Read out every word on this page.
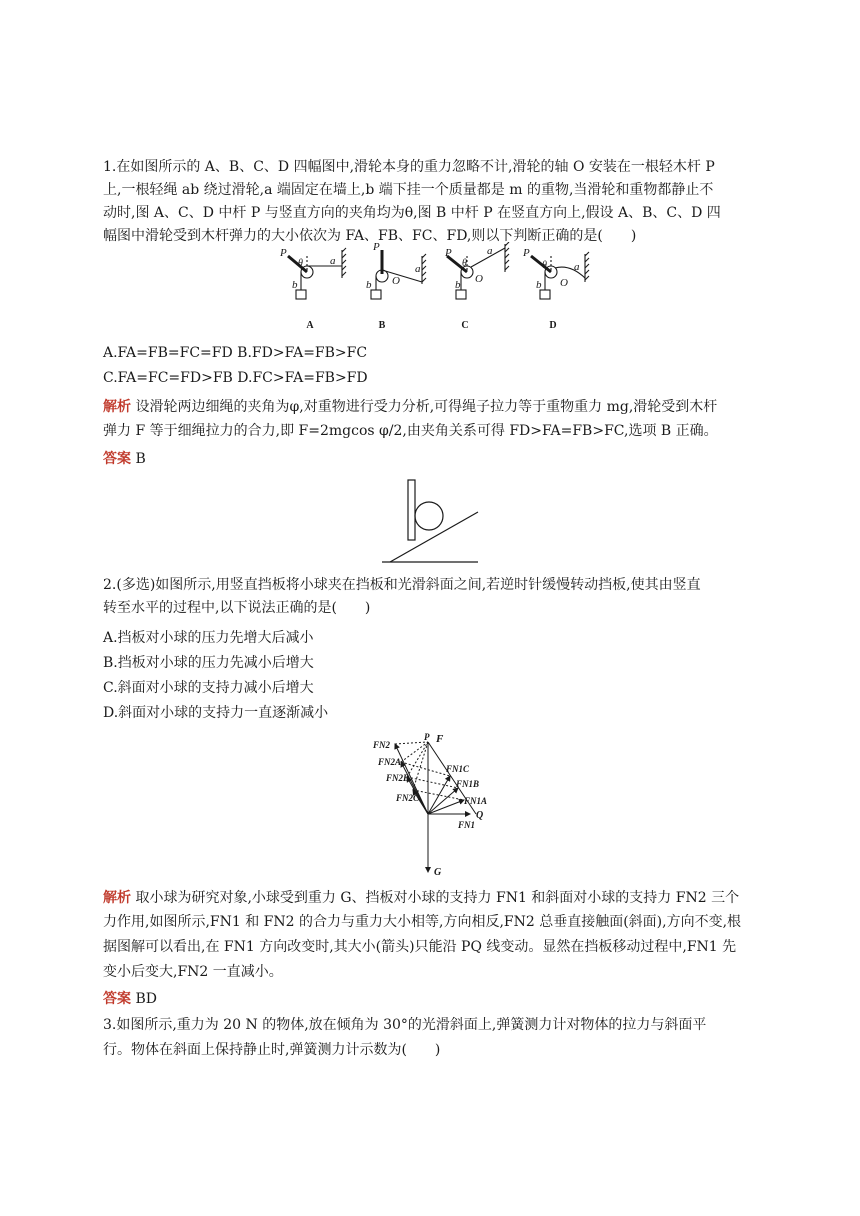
1.在如图所示的 A、B、C、D 四幅图中,滑轮本身的重力忽略不计,滑轮的轴 O 安装在一根轻木杆 P
上,一根轻绳 ab 绕过滑轮,a 端固定在墙上,b 端下挂一个质量都是 m 的重物,当滑轮和重物都静止不
动时,图 A、C、D 中杆 P 与竖直方向的夹角均为θ,图 B 中杆 P 在竖直方向上,假设 A、B、C、D 四
幅图中滑轮受到木杆弹力的大小依次为 FA、FB、FC、FD,则以下判断正确的是(　　)
P
θ a
b
P
O
a
b
P
θ
a
O
b
P
θ a
O
b
A	B	C	D
A.FA=FB=FC=FD B.FD>FA=FB>FC
C.FA=FC=FD>FB D.FC>FA=FB>FD
解析 设滑轮两边细绳的夹角为φ,对重物进行受力分析,可得绳子拉力等于重物重力 mg,滑轮受到木杆
弹力 F 等于细绳拉力的合力,即 F=2mgcos φ/2,由夹角关系可得 FD>FA=FB>FC,选项 B 正确。
答案 B
2.(多选)如图所示,用竖直挡板将小球夹在挡板和光滑斜面之间,若逆时针缓慢转动挡板,使其由竖直
转至水平的过程中,以下说法正确的是(　　)
A.挡板对小球的压力先增大后减小
B.挡板对小球的压力先减小后增大
C.斜面对小球的支持力减小后增大
D.斜面对小球的支持力一直逐渐减小
P F
FN2
FN2A
FN2B
FN2C
FN1C
FN1B
FN1A
Q
FN1
G
解析 取小球为研究对象,小球受到重力 G、挡板对小球的支持力 FN1 和斜面对小球的支持力 FN2 三个
力作用,如图所示,FN1 和 FN2 的合力与重力大小相等,方向相反,FN2 总垂直接触面(斜面),方向不变,根
据图解可以看出,在 FN1 方向改变时,其大小(箭头)只能沿 PQ 线变动。显然在挡板移动过程中,FN1 先
变小后变大,FN2 一直减小。
答案 BD
3.如图所示,重力为 20 N 的物体,放在倾角为 30°的光滑斜面上,弹簧测力计对物体的拉力与斜面平
行。物体在斜面上保持静止时,弹簧测力计示数为(　　)
